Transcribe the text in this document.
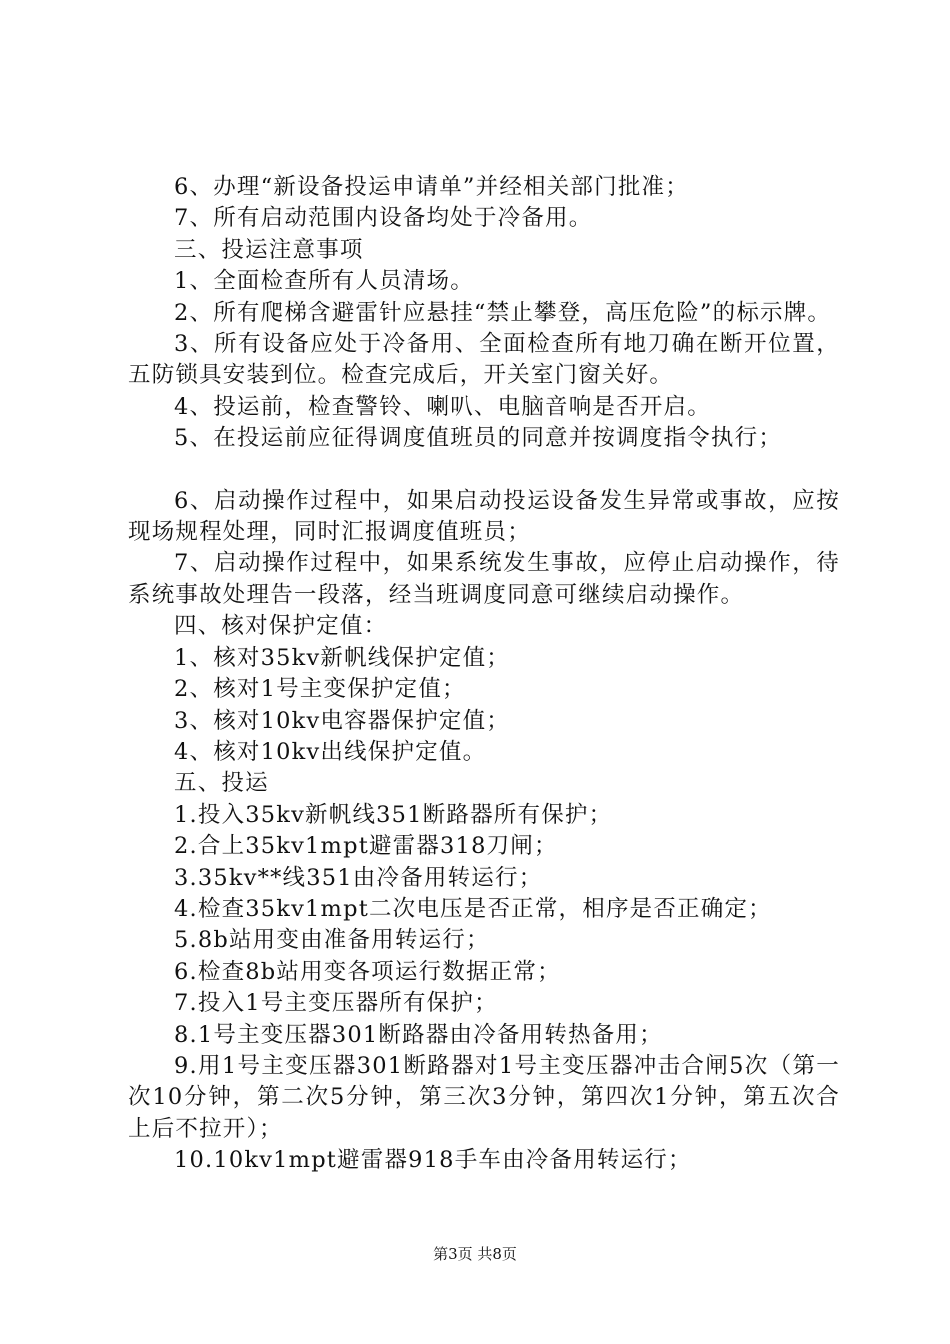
6、办理“新设备投运申请单”并经相关部门批准；

7、所有启动范围内设备均处于冷备用。

三、投运注意事项

1、全面检查所有人员清场。

2、所有爬梯含避雷针应悬挂“禁止攀登，高压危险”的标示牌。

3、所有设备应处于冷备用、全面检查所有地刀确在断开位置，五防锁具安装到位。检查完成后，开关室门窗关好。

4、投运前，检查警铃、喇叭、电脑音响是否开启。

5、在投运前应征得调度值班员的同意并按调度指令执行；

6、启动操作过程中，如果启动投运设备发生异常或事故，应按现场规程处理，同时汇报调度值班员；

7、启动操作过程中，如果系统发生事故，应停止启动操作，待系统事故处理告一段落，经当班调度同意可继续启动操作。

四、核对保护定值：

1、核对35kv新帆线保护定值；

2、核对1号主变保护定值；

3、核对10kv电容器保护定值；

4、核对10kv出线保护定值。

五、投运

1.投入35kv新帆线351断路器所有保护；

2.合上35kv1mpt避雷器318刀闸；

3.35kv**线351由冷备用转运行；

4.检查35kv1mpt二次电压是否正常，相序是否正确定；

5.8b站用变由准备用转运行；

6.检查8b站用变各项运行数据正常；

7.投入1号主变压器所有保护；

8.1号主变压器301断路器由冷备用转热备用；

9.用1号主变压器301断路器对1号主变压器冲击合闸5次（第一次10分钟，第二次5分钟，第三次3分钟，第四次1分钟，第五次合上后不拉开）；

10.10kv1mpt避雷器918手车由冷备用转运行；

第3页 共8页
